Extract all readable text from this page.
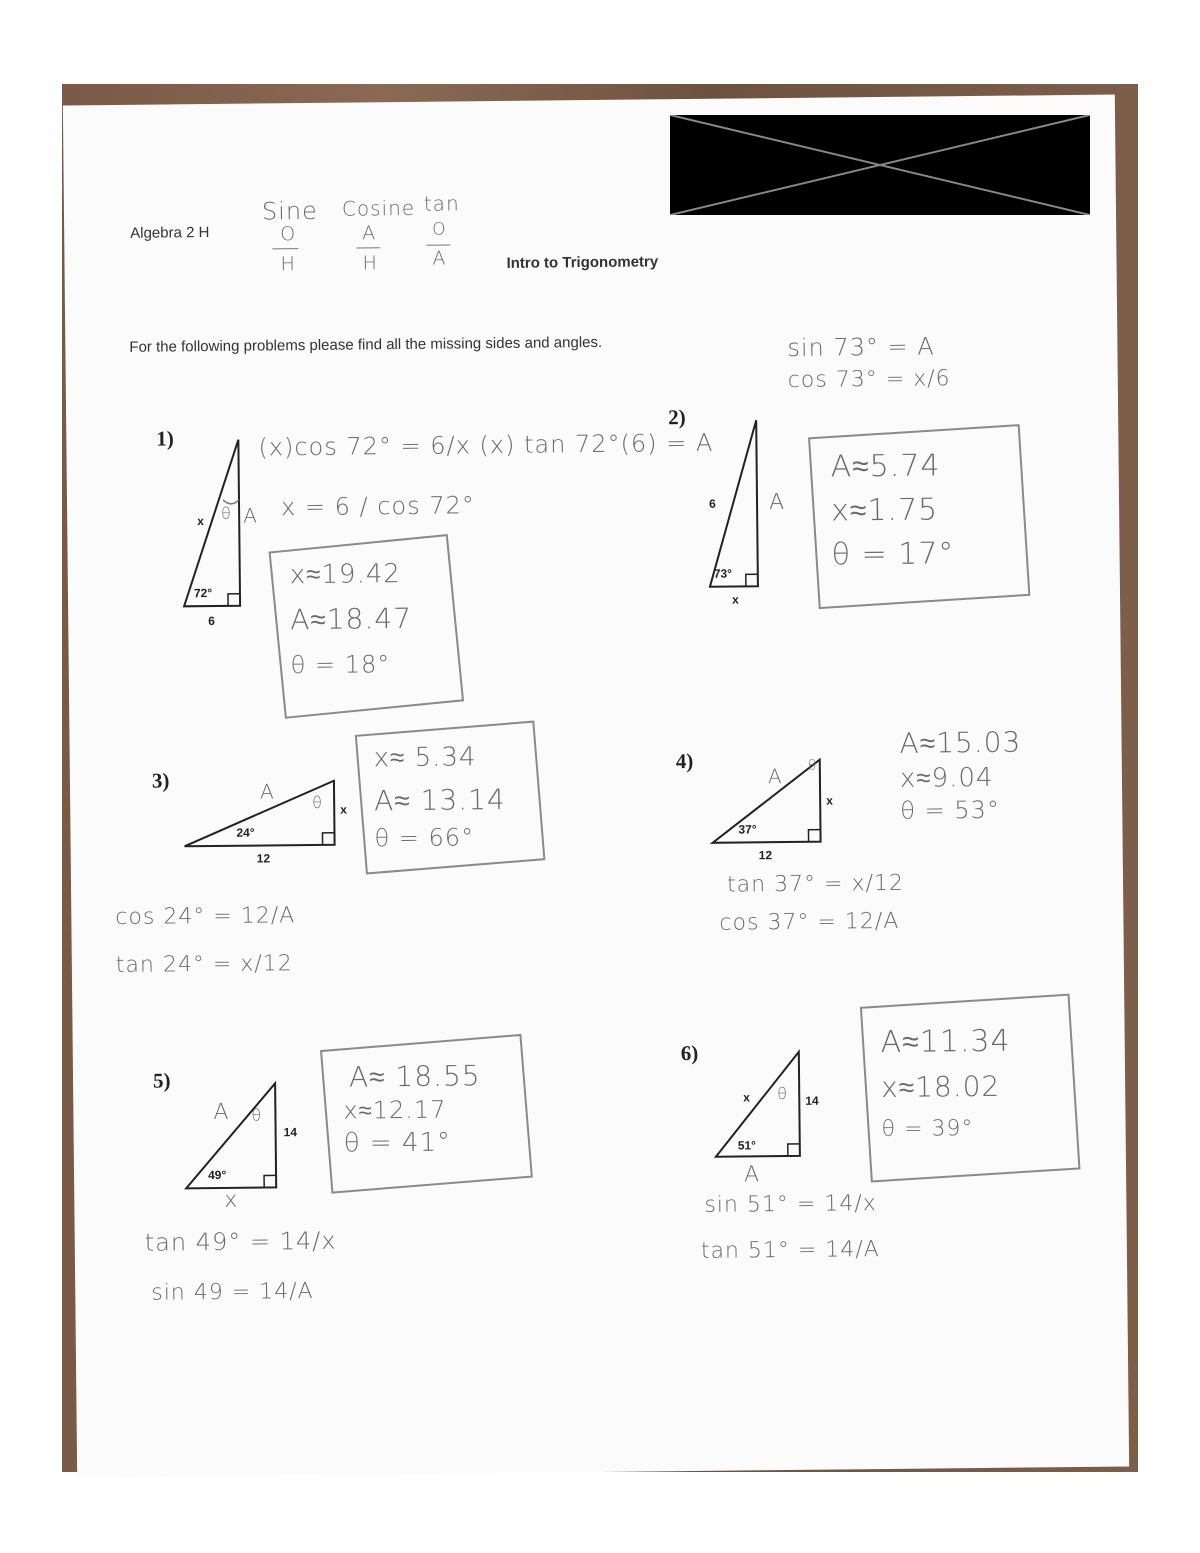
Algebra 2 H
Intro to Trigonometry
For the following problems please find all the missing sides and angles.
Sine
O
H
Cosine
A
H
tan
O
A
1)
72°
6
x A
θ
(x)cos 72° = 6/x (x) tan 72°(6) = A
x = 6 / cos 72°
x≈19.42
A≈18.47
θ = 18°
2)
73°
x
6 A
sin 73° = A
cos 73° = x/6
A≈5.74
x≈1.75
θ = 17°
3)
24°
12
x
A θ
x≈ 5.34
A≈ 13.14
θ = 66°
cos 24° = 12/A
tan 24° = x/12
4)
37°
12
x
A θ
A≈15.03
x≈9.04
θ = 53°
tan 37° = x/12
cos 37° = 12/A
5)
49°
x
14
A θ
A≈ 18.55
x≈12.17
θ = 41°
tan 49° = 14/x
sin 49 = 14/A
6)
51°
A
14
x θ
A≈11.34
x≈18.02
θ = 39°
sin 51° = 14/x
tan 51° = 14/A
